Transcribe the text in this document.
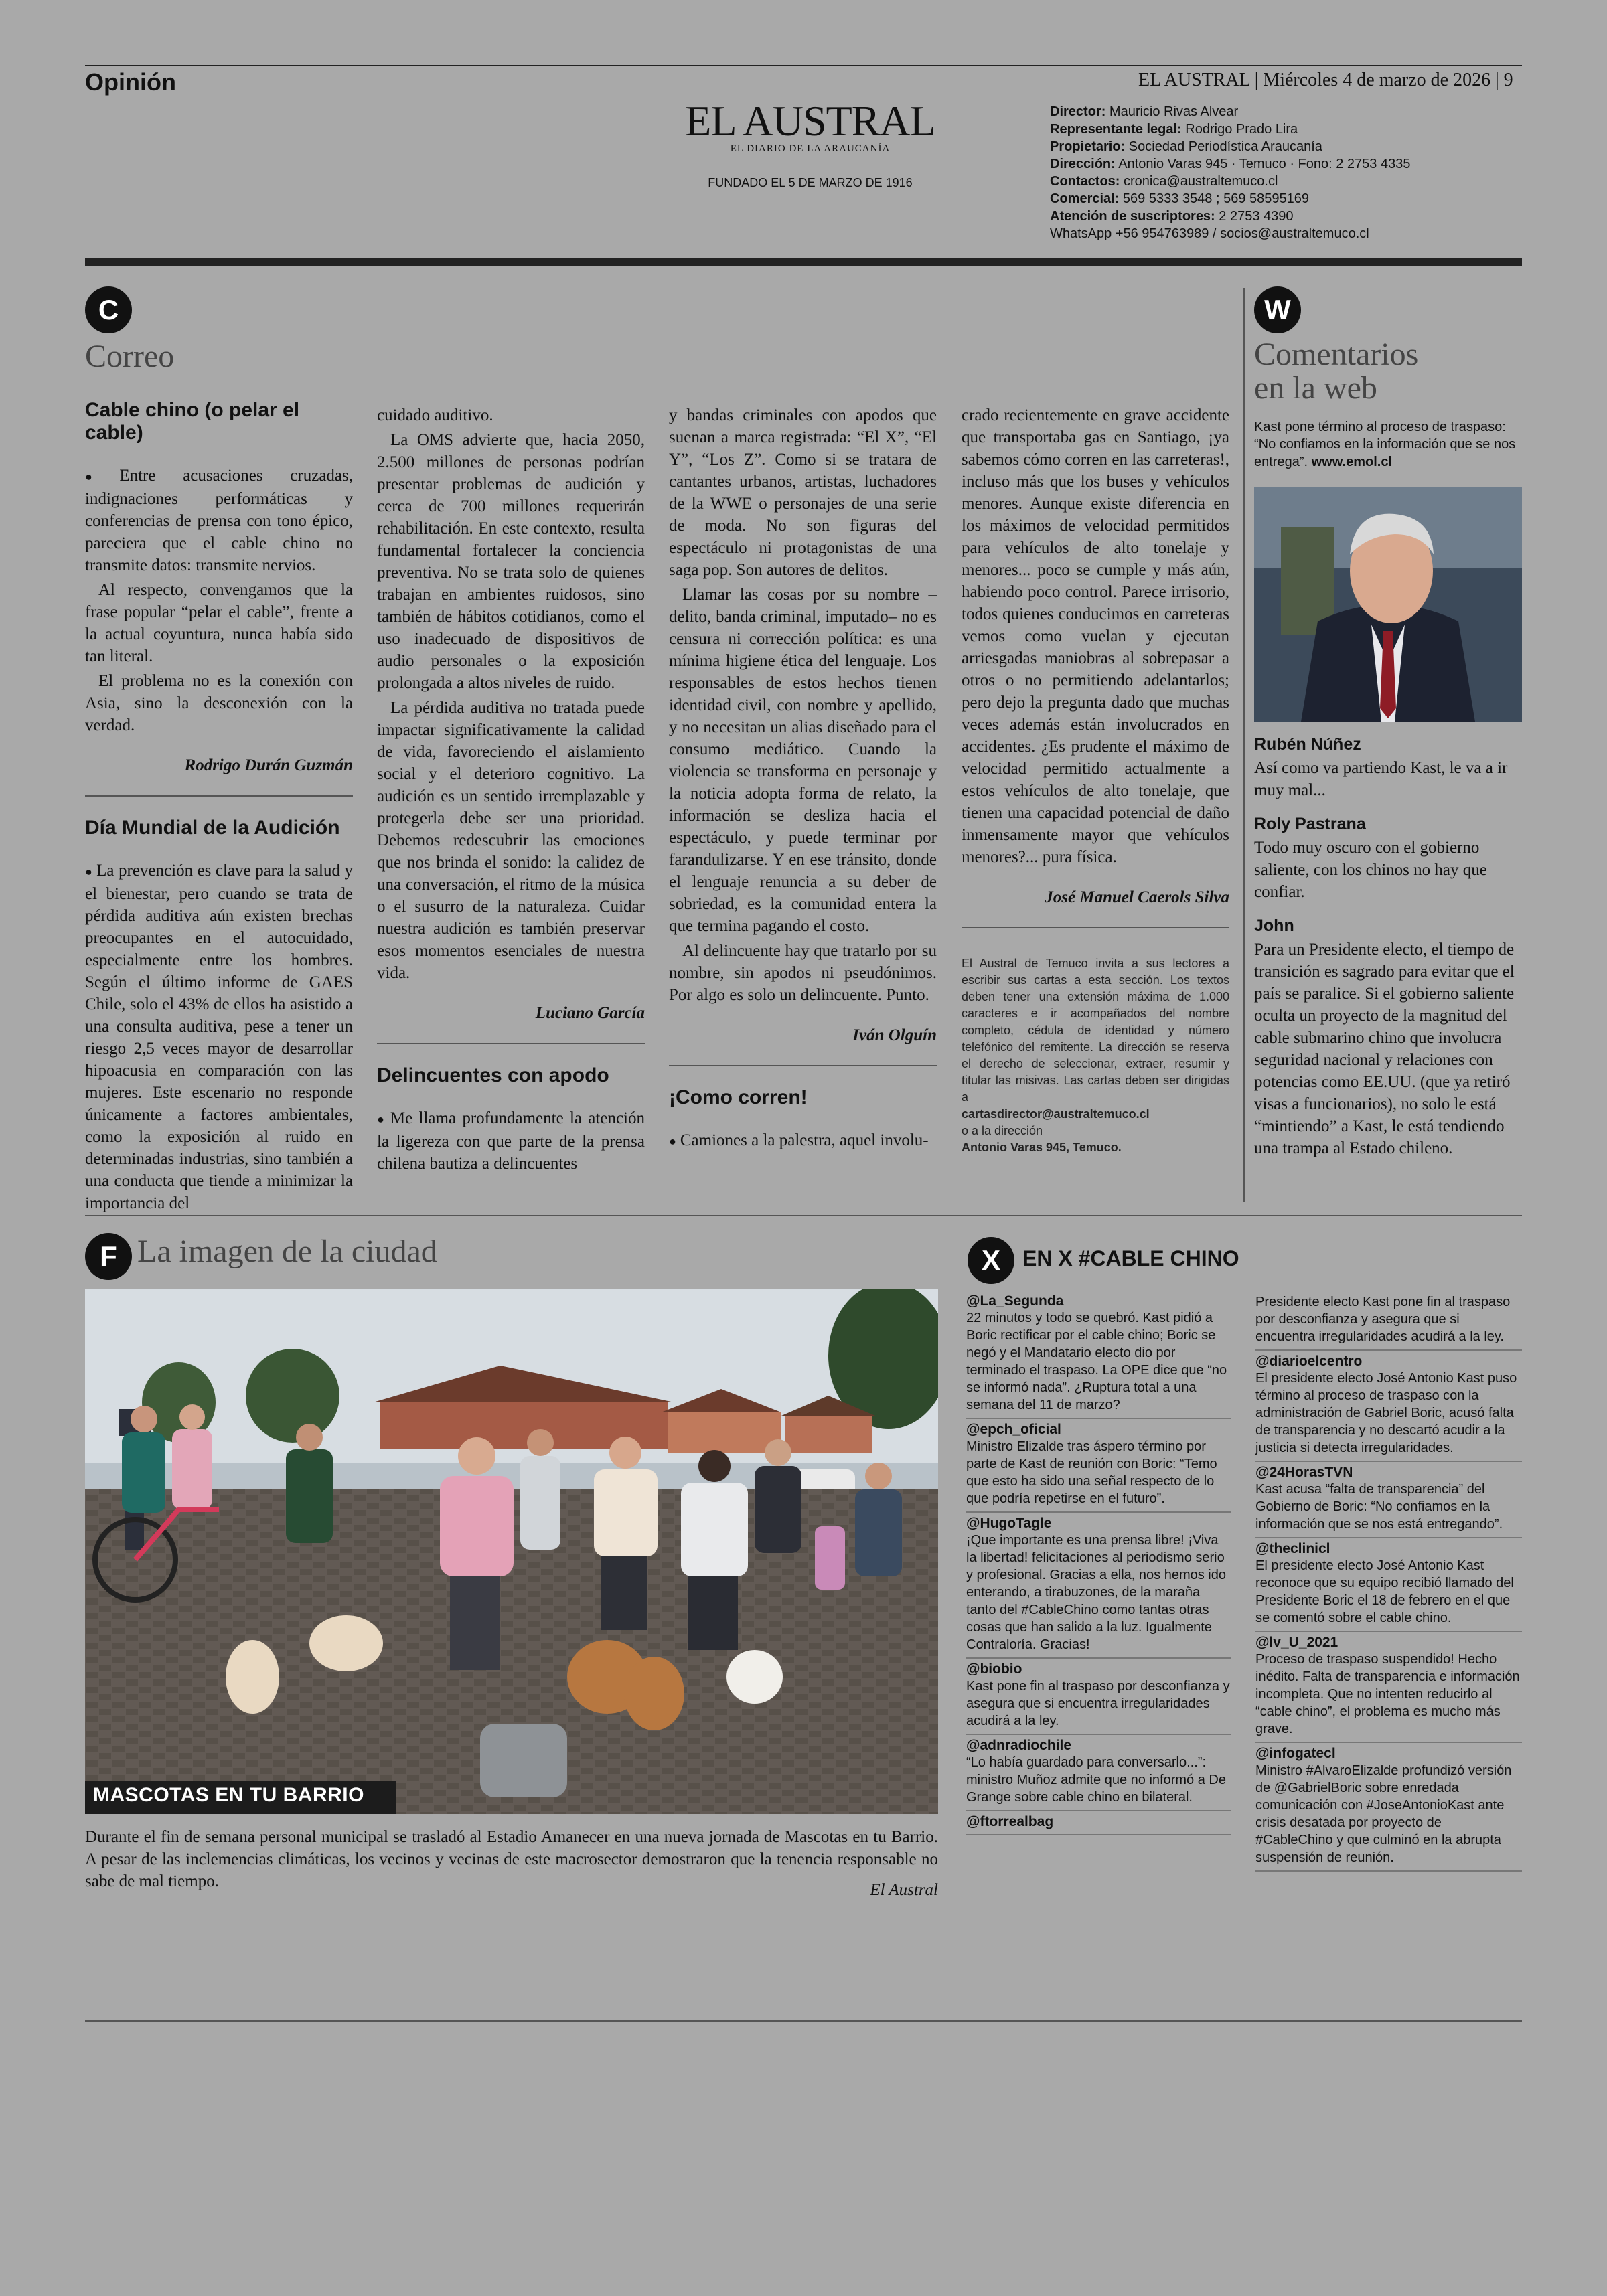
Opinión	EL AUSTRAL | Miércoles 4 de marzo de 2026 | 9
EL AUSTRAL
EL DIARIO DE LA ARAUCANÍA
FUNDADO EL 5 DE MARZO DE 1916
Director: Mauricio Rivas Alvear
Representante legal: Rodrigo Prado Lira
Propietario: Sociedad Periodística Araucanía
Dirección: Antonio Varas 945 · Temuco · Fono: 2 2753 4335
Contactos: cronica@australtemuco.cl
Comercial: 569 5333 3548 ; 569 58595169
Atención de suscriptores: 2 2753 4390
WhatsApp +56 954763989 / socios@australtemuco.cl
C
Correo
Cable chino (o pelar el cable)

● Entre acusaciones cruzadas, indignaciones performáticas y conferencias de prensa con tono épico, pareciera que el cable chino no transmite datos: transmite nervios.

Al respecto, convengamos que la frase popular “pelar el cable”, frente a la actual coyuntura, nunca había sido tan literal.

El problema no es la conexión con Asia, sino la desconexión con la verdad.

Rodrigo Durán Guzmán
Día Mundial de la Audición

● La prevención es clave para la salud y el bienestar, pero cuando se trata de pérdida auditiva aún existen brechas preocupantes en el autocuidado, especialmente entre los hombres. Según el último informe de GAES Chile, solo el 43% de ellos ha asistido a una consulta auditiva, pese a tener un riesgo 2,5 veces mayor de desarrollar hipoacusia en comparación con las mujeres. Este escenario no responde únicamente a factores ambientales, como la exposición al ruido en determinadas industrias, sino también a una conducta que tiende a minimizar la importancia del

cuidado auditivo.

La OMS advierte que, hacia 2050, 2.500 millones de personas podrían presentar problemas de audición y cerca de 700 millones requerirán rehabilitación. En este contexto, resulta fundamental fortalecer la conciencia preventiva. No se trata solo de quienes trabajan en ambientes ruidosos, sino también de hábitos cotidianos, como el uso inadecuado de dispositivos de audio personales o la exposición prolongada a altos niveles de ruido.

La pérdida auditiva no tratada puede impactar significativamente la calidad de vida, favoreciendo el aislamiento social y el deterioro cognitivo. La audición es un sentido irremplazable y protegerla debe ser una prioridad. Debemos redescubrir las emociones que nos brinda el sonido: la calidez de una conversación, el ritmo de la música o el susurro de la naturaleza. Cuidar nuestra audición es también preservar esos momentos esenciales de nuestra vida.

Luciano García
Delincuentes con apodo

● Me llama profundamente la atención la ligereza con que parte de la prensa chilena bautiza a delincuentes

y bandas criminales con apodos que suenan a marca registrada: “El X”, “El Y”, “Los Z”. Como si se tratara de cantantes urbanos, artistas, luchadores de la WWE o personajes de una serie de moda. No son figuras del espectáculo ni protagonistas de una saga pop. Son autores de delitos.

Llamar las cosas por su nombre –delito, banda criminal, imputado– no es censura ni corrección política: es una mínima higiene ética del lenguaje. Los responsables de estos hechos tienen identidad civil, con nombre y apellido, y no necesitan un alias diseñado para el consumo mediático. Cuando la violencia se transforma en personaje y la noticia adopta forma de relato, la información se desliza hacia el espectáculo, y puede terminar por farandulizarse. Y en ese tránsito, donde el lenguaje renuncia a su deber de sobriedad, es la comunidad entera la que termina pagando el costo.

Al delincuente hay que tratarlo por su nombre, sin apodos ni pseudónimos. Por algo es solo un delincuente. Punto.

Iván Olguín
¡Como corren!

● Camiones a la palestra, aquel involu-

crado recientemente en grave accidente que transportaba gas en Santiago, ¡ya sabemos cómo corren en las carreteras!, incluso más que los buses y vehículos menores. Aunque existe diferencia en los máximos de velocidad permitidos para vehículos de alto tonelaje y menores... poco se cumple y más aún, habiendo poco control. Parece irrisorio, todos quienes conducimos en carreteras vemos como vuelan y ejecutan arriesgadas maniobras al sobrepasar a otros o no permitiendo adelantarlos; pero dejo la pregunta dado que muchas veces además están involucrados en accidentes. ¿Es prudente el máximo de velocidad permitido actualmente a estos vehículos de alto tonelaje, que tienen una capacidad potencial de daño inmensamente mayor que vehículos menores?... pura física.

José Manuel Caerols Silva
El Austral de Temuco invita a sus lectores a escribir sus cartas a esta sección. Los textos deben tener una extensión máxima de 1.000 caracteres e ir acompañados del nombre completo, cédula de identidad y número telefónico del remitente. La dirección se reserva el derecho de seleccionar, extraer, resumir y titular las misivas. Las cartas deben ser dirigidas a
cartasdirector@australtemuco.cl
o a la dirección
Antonio Varas 945, Temuco.
W
Comentarios
en la web
Kast pone término al proceso de traspaso: “No confiamos en la información que se nos entrega”. www.emol.cl
Rubén Núñez
Así como va partiendo Kast, le va a ir muy mal...
Roly Pastrana
Todo muy oscuro con el gobierno saliente, con los chinos no hay que confiar.
John
Para un Presidente electo, el tiempo de transición es sagrado para evitar que el país se paralice. Si el gobierno saliente oculta un proyecto de la magnitud del cable submarino chino que involucra seguridad nacional y relaciones con potencias como EE.UU. (que ya retiró visas a funcionarios), no solo le está “mintiendo” a Kast, le está tendiendo una trampa al Estado chileno.
F La imagen de la ciudad
MASCOTAS EN TU BARRIO
Durante el fin de semana personal municipal se trasladó al Estadio Amanecer en una nueva jornada de Mascotas en tu Barrio. A pesar de las inclemencias climáticas, los vecinos y vecinas de este macrosector demostraron que la tenencia responsable no sabe de mal tiempo.	El Austral
X	EN X #CABLE CHINO
@La_Segunda
22 minutos y todo se quebró. Kast pidió a Boric rectificar por el cable chino; Boric se negó y el Mandatario electo dio por terminado el traspaso. La OPE dice que “no se informó nada”. ¿Ruptura total a una semana del 11 de marzo?
@epch_oficial
Ministro Elizalde tras áspero término por parte de Kast de reunión con Boric: “Temo que esto ha sido una señal respecto de lo que podría repetirse en el futuro”.
@HugoTagle
¡Que importante es una prensa libre! ¡Viva la libertad! felicitaciones al periodismo serio y profesional. Gracias a ella, nos hemos ido enterando, a tirabuzones, de la maraña tanto del #CableChino como tantas otras cosas que han salido a la luz. Igualmente Contraloría. Gracias!
@biobio
Kast pone fin al traspaso por desconfianza y asegura que si encuentra irregularidades acudirá a la ley.
@adnradiochile
“Lo había guardado para conversarlo...”: ministro Muñoz admite que no informó a De Grange sobre cable chino en bilateral.
@ftorrealbag
Presidente electo Kast pone fin al traspaso por desconfianza y asegura que si encuentra irregularidades acudirá a la ley.
@diarioelcentro
El presidente electo José Antonio Kast puso término al proceso de traspaso con la administración de Gabriel Boric, acusó falta de transparencia y no descartó acudir a la justicia si detecta irregularidades.
@24HorasTVN
Kast acusa “falta de transparencia” del Gobierno de Boric: “No confiamos en la información que se nos está entregando”.
@theclinicl
El presidente electo José Antonio Kast reconoce que su equipo recibió llamado del Presidente Boric el 18 de febrero en el que se comentó sobre el cable chino.
@lv_U_2021
Proceso de traspaso suspendido! Hecho inédito. Falta de transparencia e información incompleta. Que no intenten reducirlo al “cable chino”, el problema es mucho más grave.
@infogatecl
Ministro #AlvaroElizalde profundizó versión de @GabrielBoric sobre enredada comunicación con #JoseAntonioKast ante crisis desatada por proyecto de #CableChino y que culminó en la abrupta suspensión de reunión.
